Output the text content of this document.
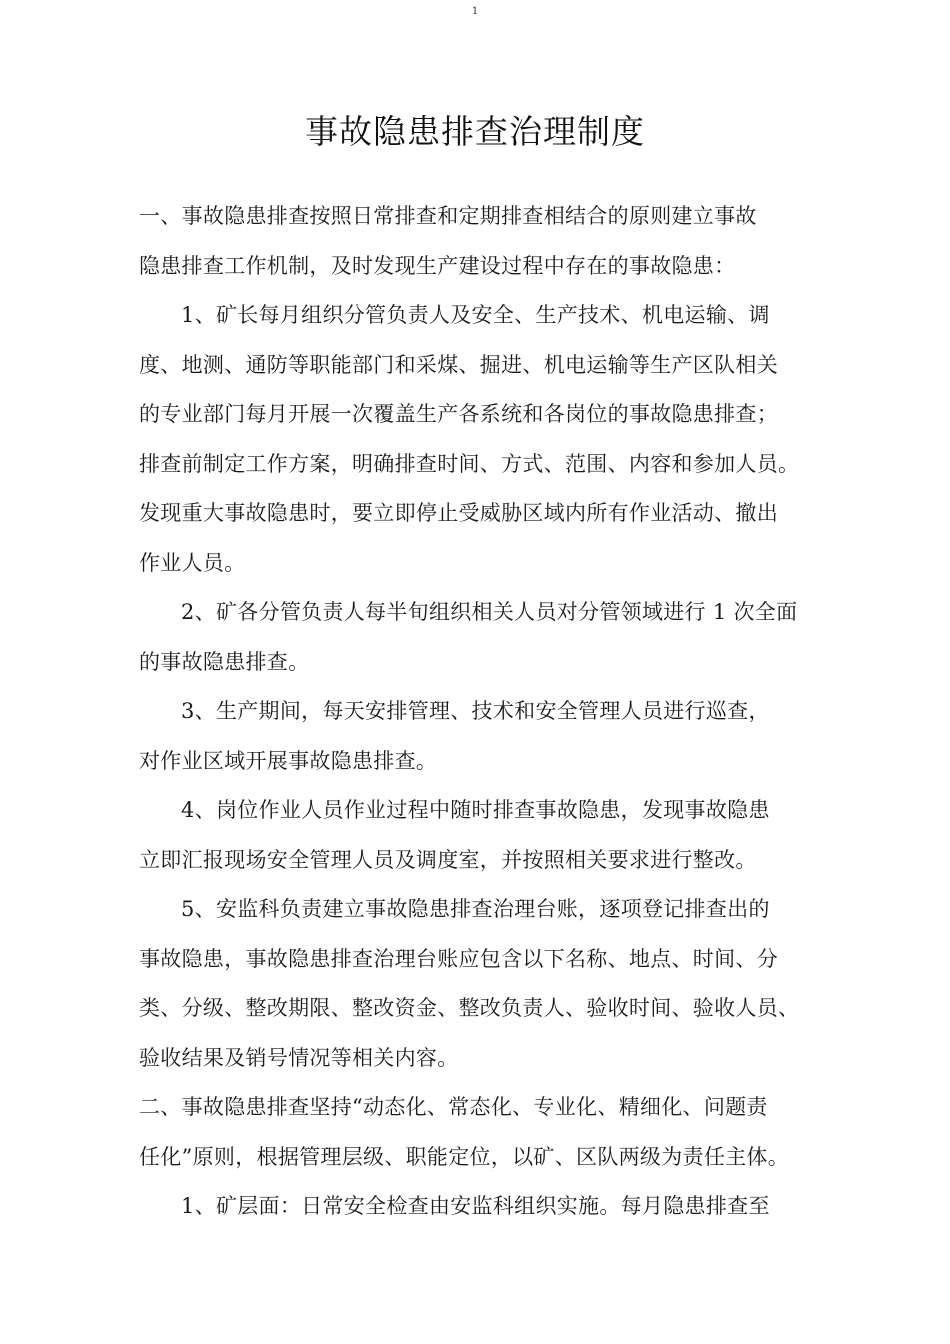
1
事故隐患排查治理制度
一、事故隐患排查按照日常排查和定期排查相结合的原则建立事故
隐患排查工作机制，及时发现生产建设过程中存在的事故隐患：
1、矿长每月组织分管负责人及安全、生产技术、机电运输、调
度、地测、通防等职能部门和采煤、掘进、机电运输等生产区队相关
的专业部门每月开展一次覆盖生产各系统和各岗位的事故隐患排查；
排查前制定工作方案，明确排查时间、方式、范围、内容和参加人员。
发现重大事故隐患时，要立即停止受威胁区域内所有作业活动、撤出
作业人员。
2、矿各分管负责人每半旬组织相关人员对分管领域进行 1 次全面
的事故隐患排查。
3、生产期间，每天安排管理、技术和安全管理人员进行巡查，
对作业区域开展事故隐患排查。
4、岗位作业人员作业过程中随时排查事故隐患，发现事故隐患
立即汇报现场安全管理人员及调度室，并按照相关要求进行整改。
5、安监科负责建立事故隐患排查治理台账，逐项登记排查出的
事故隐患，事故隐患排查治理台账应包含以下名称、地点、时间、分
类、分级、整改期限、整改资金、整改负责人、验收时间、验收人员、
验收结果及销号情况等相关内容。
二、事故隐患排查坚持“动态化、常态化、专业化、精细化、问题责
任化”原则，根据管理层级、职能定位，以矿、区队两级为责任主体。
1、矿层面：日常安全检查由安监科组织实施。每月隐患排查至
